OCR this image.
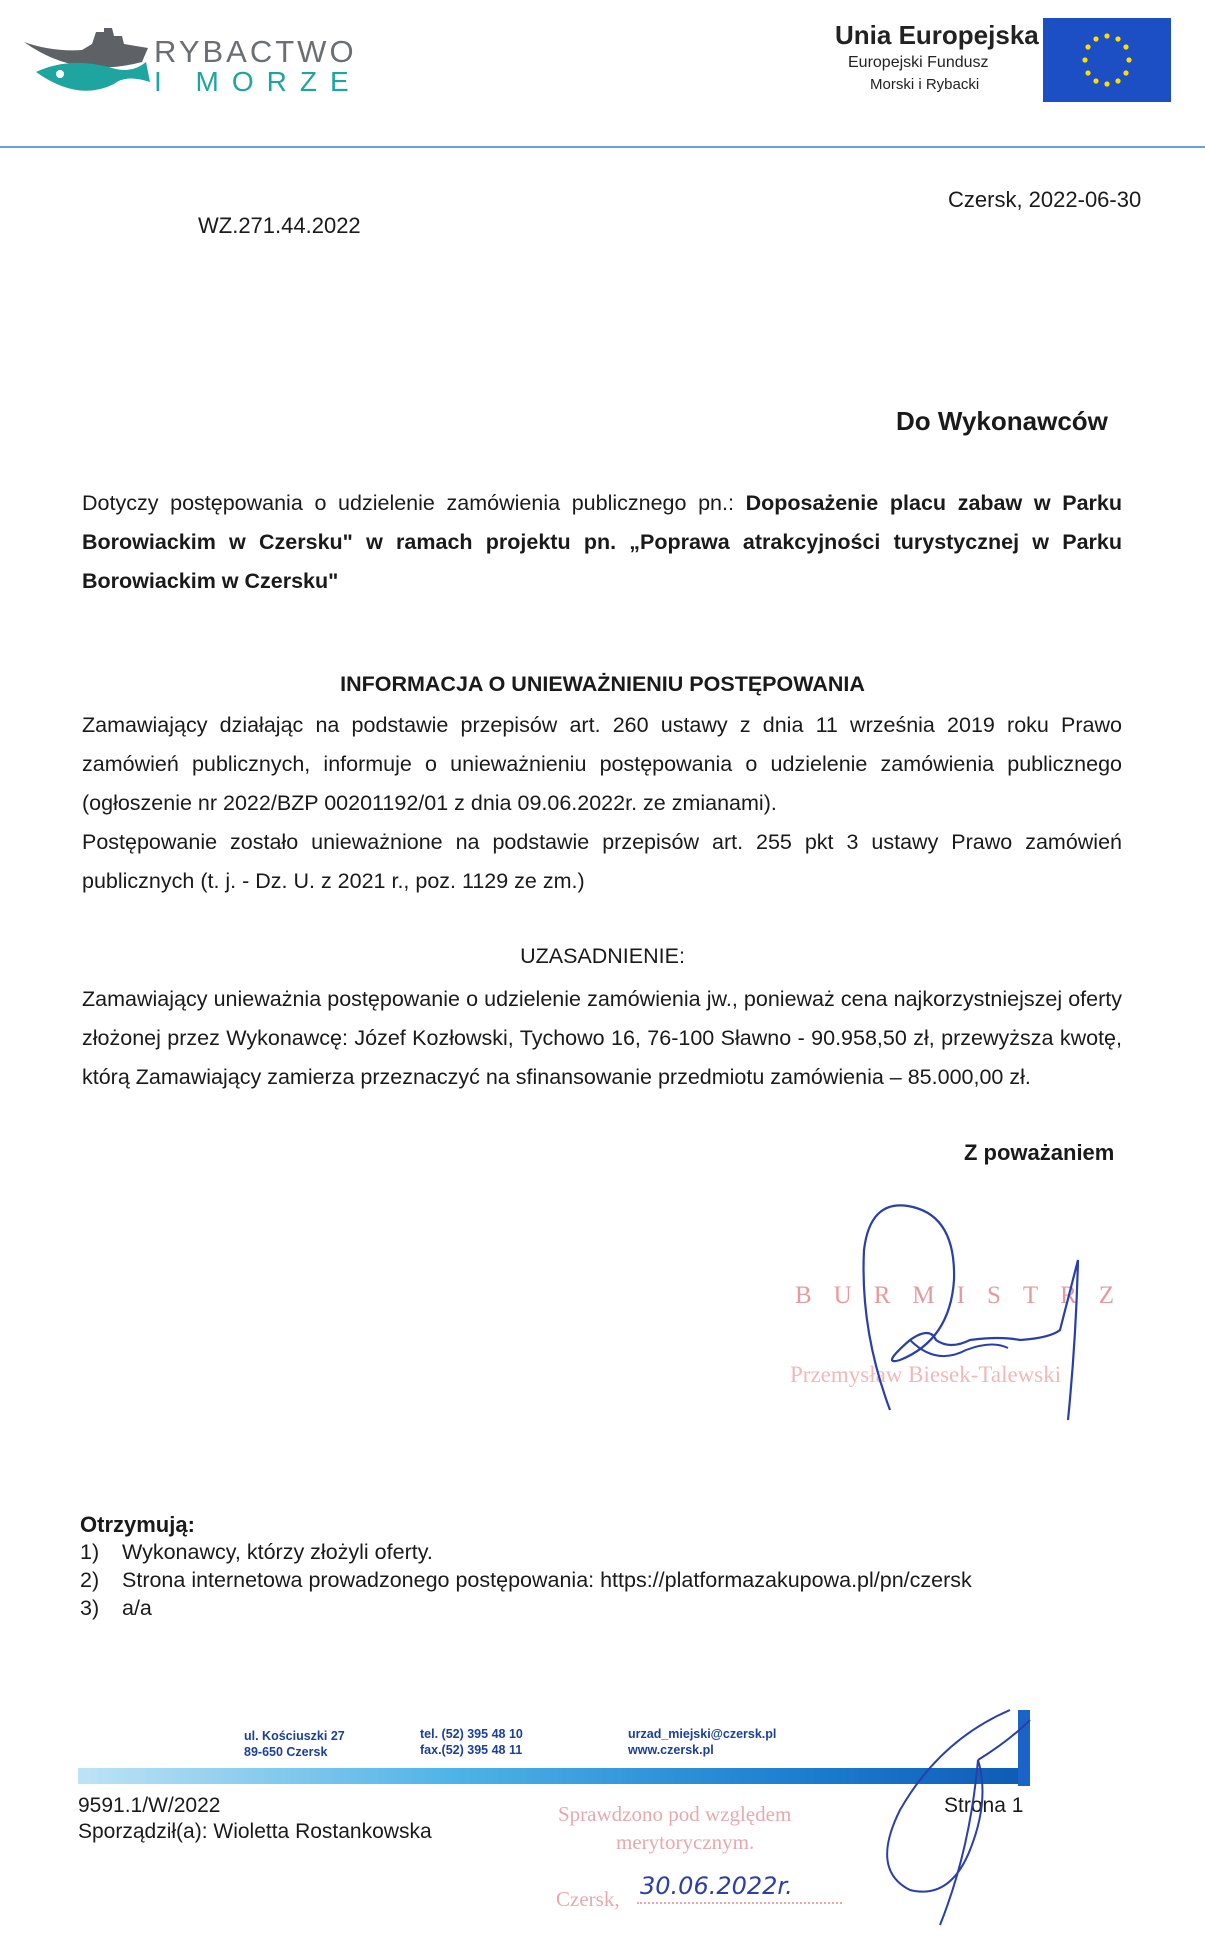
RYBACTWO
I MORZE
Unia Europejska
Europejski Fundusz
Morski i Rybacki
WZ.271.44.2022
Czersk, 2022-06-30
Do Wykonawców
Dotyczy postępowania o udzielenie zamówienia publicznego pn.: Doposażenie placu zabaw w Parku Borowiackim w Czersku" w ramach projektu pn. „Poprawa atrakcyjności turystycznej w Parku Borowiackim w Czersku"
INFORMACJA O UNIEWAŻNIENIU POSTĘPOWANIA
Zamawiający działając na podstawie przepisów art. 260 ustawy z dnia 11 września 2019 roku Prawo zamówień publicznych, informuje o unieważnieniu postępowania o udzielenie zamówienia publicznego (ogłoszenie nr 2022/BZP 00201192/01 z dnia 09.06.2022r. ze zmianami).
Postępowanie zostało unieważnione na podstawie przepisów art. 255 pkt 3 ustawy Prawo zamówień
publicznych (t. j. - Dz. U. z 2021 r., poz. 1129 ze zm.)
UZASADNIENIE:
Zamawiający unieważnia postępowanie o udzielenie zamówienia jw., ponieważ cena najkorzystniejszej oferty złożonej przez Wykonawcę: Józef Kozłowski, Tychowo 16, 76-100 Sławno - 90.958,50 zł, przewyższa kwotę, którą Zamawiający zamierza przeznaczyć na sfinansowanie przedmiotu zamówienia – 85.000,00 zł.
Z poważaniem
BURMISTRZ
Przemysław Biesek-Talewski
Otrzymują:
1) Wykonawcy, którzy złożyli oferty.
2) Strona internetowa prowadzonego postępowania: https://platformazakupowa.pl/pn/czersk
3) a/a
ul. Kościuszki 27
89-650 Czersk
tel. (52) 395 48 10
fax.(52) 395 48 11
urzad_miejski@czersk.pl
www.czersk.pl
9591.1/W/2022
Sporządził(a): Wioletta Rostankowska
Strona 1
Sprawdzono pod względem
merytorycznym.
Czersk, 30.06.2022r.
